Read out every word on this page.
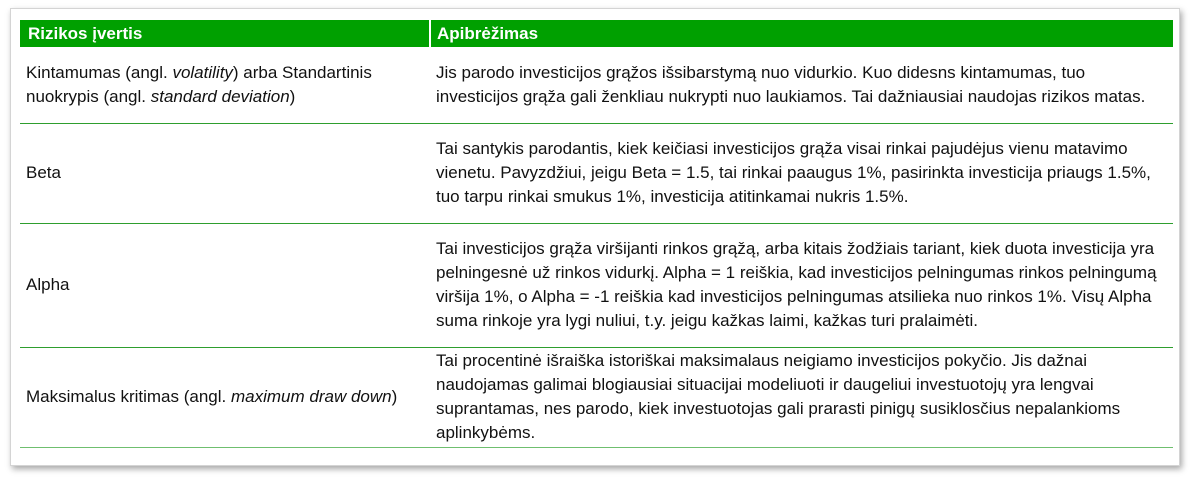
Rizikos įvertis	Apibrėžimas
Kintamumas (angl. volatility) arba Standartinis nuokrypis (angl. standard deviation)	Jis parodo investicijos grąžos išsibarstymą nuo vidurkio. Kuo didesns kintamumas, tuo investicijos grąža gali ženkliau nukrypti nuo laukiamos. Tai dažniausiai naudojas rizikos matas.
Beta	Tai santykis parodantis, kiek keičiasi investicijos grąža visai rinkai pajudėjus vienu matavimo vienetu. Pavyzdžiui, jeigu Beta = 1.5, tai rinkai paaugus 1%, pasirinkta investicija priaugs 1.5%, tuo tarpu rinkai smukus 1%, investicija atitinkamai nukris 1.5%.
Alpha	Tai investicijos grąža viršijanti rinkos grąžą, arba kitais žodžiais tariant, kiek duota investicija yra pelningesnė už rinkos vidurkį. Alpha = 1 reiškia, kad investicijos pelningumas rinkos pelningumą viršija 1%, o Alpha = -1 reiškia kad investicijos pelningumas atsilieka nuo rinkos 1%. Visų Alpha suma rinkoje yra lygi nuliui, t.y. jeigu kažkas laimi, kažkas turi pralaimėti.
Maksimalus kritimas (angl. maximum draw down)	Tai procentinė išraiška istoriškai maksimalaus neigiamo investicijos pokyčio. Jis dažnai naudojamas galimai blogiausiai situacijai modeliuoti ir daugeliui investuotojų yra lengvai suprantamas, nes parodo, kiek investuotojas gali prarasti pinigų susiklosčius nepalankioms aplinkybėms.
